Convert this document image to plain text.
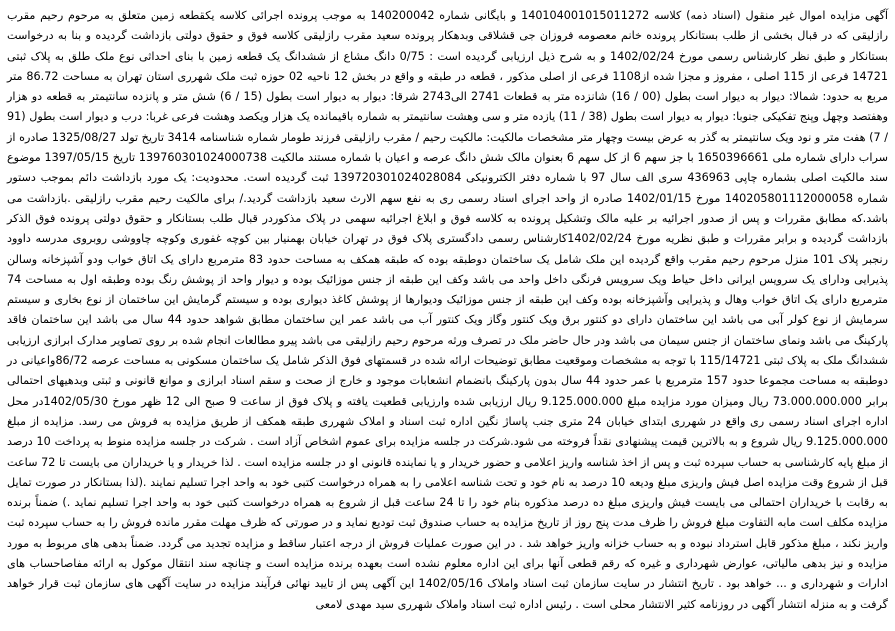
آگهی مزایده اموال غیر منقول (اسناد ذمه) کلاسه 140104001015011272 و بایگانی شماره 140200042 به موجب پرونده اجرائی کلاسه یکقطعه زمین متعلق به مرحوم رحیم مقرب رازلیقی که در قبال بخشی از طلب بستانکار پرونده خانم معصومه فروزان جی قشلاقی وبدهکار پرونده سعید مقرب رازلیقی کلاسه فوق و حقوق دولتی بازداشت گردیده و بنا به درخواست بستانکار و طبق نظر کارشناس رسمی مورخ 1402/02/24 و به شرح ذیل ارزیابی گردیده است : 0/75 دانگ مشاع از ششدانگ یک قطعه زمین با بنای احداثی نوع ملک طلق به پلاک ثبتی 14721 فرعی از 115 اصلی ، مفروز و مجزا شده از1108 فرعی از اصلی مذکور ، قطعه در طبقه و واقع در بخش 12 ناحیه 02 حوزه ثبت ملک شهرری استان تهران به مساحت 86.72 متر مربع به حدود: شمالا: دیوار به دیوار است بطول (00 / 16) شانزده متر به قطعات 2741 الی2743 شرقا: دیوار به دیوار است بطول (15 / 6) شش متر و پانزده سانتیمتر به قطعه دو هزار وهفتصد وچهل وپنج تفکیکی جنوبا: دیوار به دیوار است بطول (38 / 11) یازده متر و سی وهشت سانتیمتر به شماره باقیمانده یک هزار ویکصد وهشت فرعی غربا: درب و دیوار است بطول (91 / 7) هفت متر و نود ویک سانتیمتر به گذر به عرض بیست وچهار متر مشخصات مالکیت: مالکیت رحیم / مقرب رازلیقی فرزند طومار شماره شناسنامه 3414 تاریخ تولد 1325/08/27 صادره از سراب دارای شماره ملی 1650396661 با جز سهم 6 از کل سهم 6 بعنوان مالک شش دانگ عرصه و اعیان با شماره مستند مالکیت 139760301024000738 تاریخ 1397/05/15 موضوع سند مالکیت اصلی بشماره چاپی 436963 سری الف سال 97 با شماره دفتر الکترونیکی 139720301024028084 ثبت گردیده است. محدودیت: یک مورد بازداشت دائم بموجب دستور شماره 140205801112000058 مورخ 1402/01/15 صادره از واحد اجرای اسناد رسمی ری به نفع سهم الارث سعید بازداشت گردید./ برای مالکیت رحیم مقرب رازلیقی .بازداشت می باشد.که مطابق مقررات و پس از صدور اجرائیه بر علیه مالک وتشکیل پرونده به کلاسه فوق و ابلاغ اجرائیه سهمی در پلاک مذکوردر قبال طلب بستانکار و حقوق دولتی پرونده فوق الذکر بازداشت گردیده و برابر مقررات و طبق نظریه مورخ 1402/02/24کارشناس رسمی دادگستری پلاک فوق در تهران خیابان بهمنیار بین کوچه غفوری وکوچه چاووشی روبروی مدرسه داوود رنجبر پلاک 101 منزل مرحوم رحیم مقرب واقع گردیده این ملک شامل یک ساختمان دوطبقه بوده که طبقه همکف به مساحت حدود 83 مترمربع دارای یک اتاق خواب ودو آشپزخانه وسالن پذیرایی ودارای یک سرویس ایرانی داخل حیاط ویک سرویس فرنگی داخل واحد می باشد وکف این طبقه از جنس موزائیک بوده و دیوار واحد از پوشش رنگ بوده وطبقه اول به مساحت 74 مترمربع دارای یک اتاق خواب وهال و پذیرایی وآشپزخانه بوده وکف این طبقه از جنس موزائیک ودیوارها از پوشش کاغذ دیواری بوده و سیستم گرمایش این ساختمان از نوع بخاری و سیستم سرمایش از نوع کولر آبی می باشد این ساختمان دارای دو کنتور برق ویک کنتور وگاز ویک کنتور آب می باشد عمر این ساختمان مطابق شواهد حدود 44 سال می باشد این ساختمان فاقد پارکینگ می باشد ونمای ساختمان از جنس سیمان می باشد ودر حال حاضر ملک در تصرف ورثه مرحوم رحیم رازلیقی می باشد پیرو مطالعات انجام شده بر روی تصاویر مدارک ابرازی ارزیابی ششدانگ ملک به پلاک ثبتی 115/14721 با توجه به مشخصات وموقعیت مطابق توضیحات ارائه شده در قسمتهای فوق الذکر شامل یک ساختمان مسکونی به مساحت عرصه 86/72واعیانی در دوطبقه به مساحت مجموعا حدود 157 مترمربع با عمر حدود 44 سال بدون پارکینگ بانضمام انشعابات موجود و خارج از صحت و سقم اسناد ابرازی و موانع قانونی و ثبتی وبدهیهای احتمالی برابر 73.000.000.000 ریال ومیزان مورد مزایده مبلغ 9.125.000.000 ریال ارزیابی شده وارزیابی قطعیت یافته و پلاک فوق از ساعت 9 صبح الی 12 ظهر مورخ 1402/05/30در محل اداره اجرای اسناد رسمی ری واقع در شهرری ابتدای خیابان 24 متری جنب پاساژ نگین اداره ثبت اسناد و املاک شهرری طبقه همکف از طریق مزایده به فروش می رسد. مزایده از مبلغ 9.125.000.000 ریال شروع و به بالاترین قیمت پیشنهادی نقداً فروخته می شود.شرکت در جلسه مزایده برای عموم اشخاص آزاد است . شرکت در جلسه مزایده منوط به پرداخت 10 درصد از مبلغ پایه کارشناسی به حساب سپرده ثبت و پس از اخذ شناسه واریز اعلامی و حضور خریدار و یا نماینده قانونی او در جلسه مزایده است . لذا خریدار و یا خریداران می بایست تا 72 ساعت قبل از شروع وقت مزایده اصل فیش واریزی مبلغ ودیعه 10 درصد به نام خود و تحت شناسه اعلامی را به همراه درخواست کتبی خود به واحد اجرا تسلیم نمایند .(لذا بستانکار در صورت تمایل به رقابت با خریداران احتمالی می بایست فیش واریزی مبلغ ده درصد مذکوره بنام خود را تا 24 ساعت قبل از شروع به همراه درخواست کتبی خود به واحد اجرا تسلیم نماید .) ضمناً برنده مزایده مکلف است مابه التفاوت مبلغ فروش را ظرف مدت پنج روز از تاریخ مزایده به حساب صندوق ثبت تودیع نماید و در صورتی که ظرف مهلت مقرر مانده فروش را به حساب سپرده ثبت واریز نکند ، مبلغ مذکور قابل استرداد نبوده و به حساب خزانه واریز خواهد شد . در این صورت عملیات فروش از درجه اعتبار ساقط و مزایده تجدید می گردد. ضمناً بدهی های مربوط به مورد مزایده و نیز بدهی مالیاتی، عوارض شهرداری و غیره که رقم قطعی آنها برای این اداره معلوم نشده است بعهده برنده مزایده است و چنانچه سند انتقال موکول به ارائه مفاصاحساب های ادارات و شهرداری و ... خواهد بود . تاریخ انتشار در سایت سازمان ثبت اسناد واملاک 1402/05/16 این آگهی پس از تایید نهائی فرآیند مزایده در سایت آگهی های سازمان ثبت قرار خواهد گرفت و به منزله انتشار آگهی در روزنامه کثیر الانتشار محلی است . رئیس اداره ثبت اسناد واملاک شهرری سید مهدی لامعی
